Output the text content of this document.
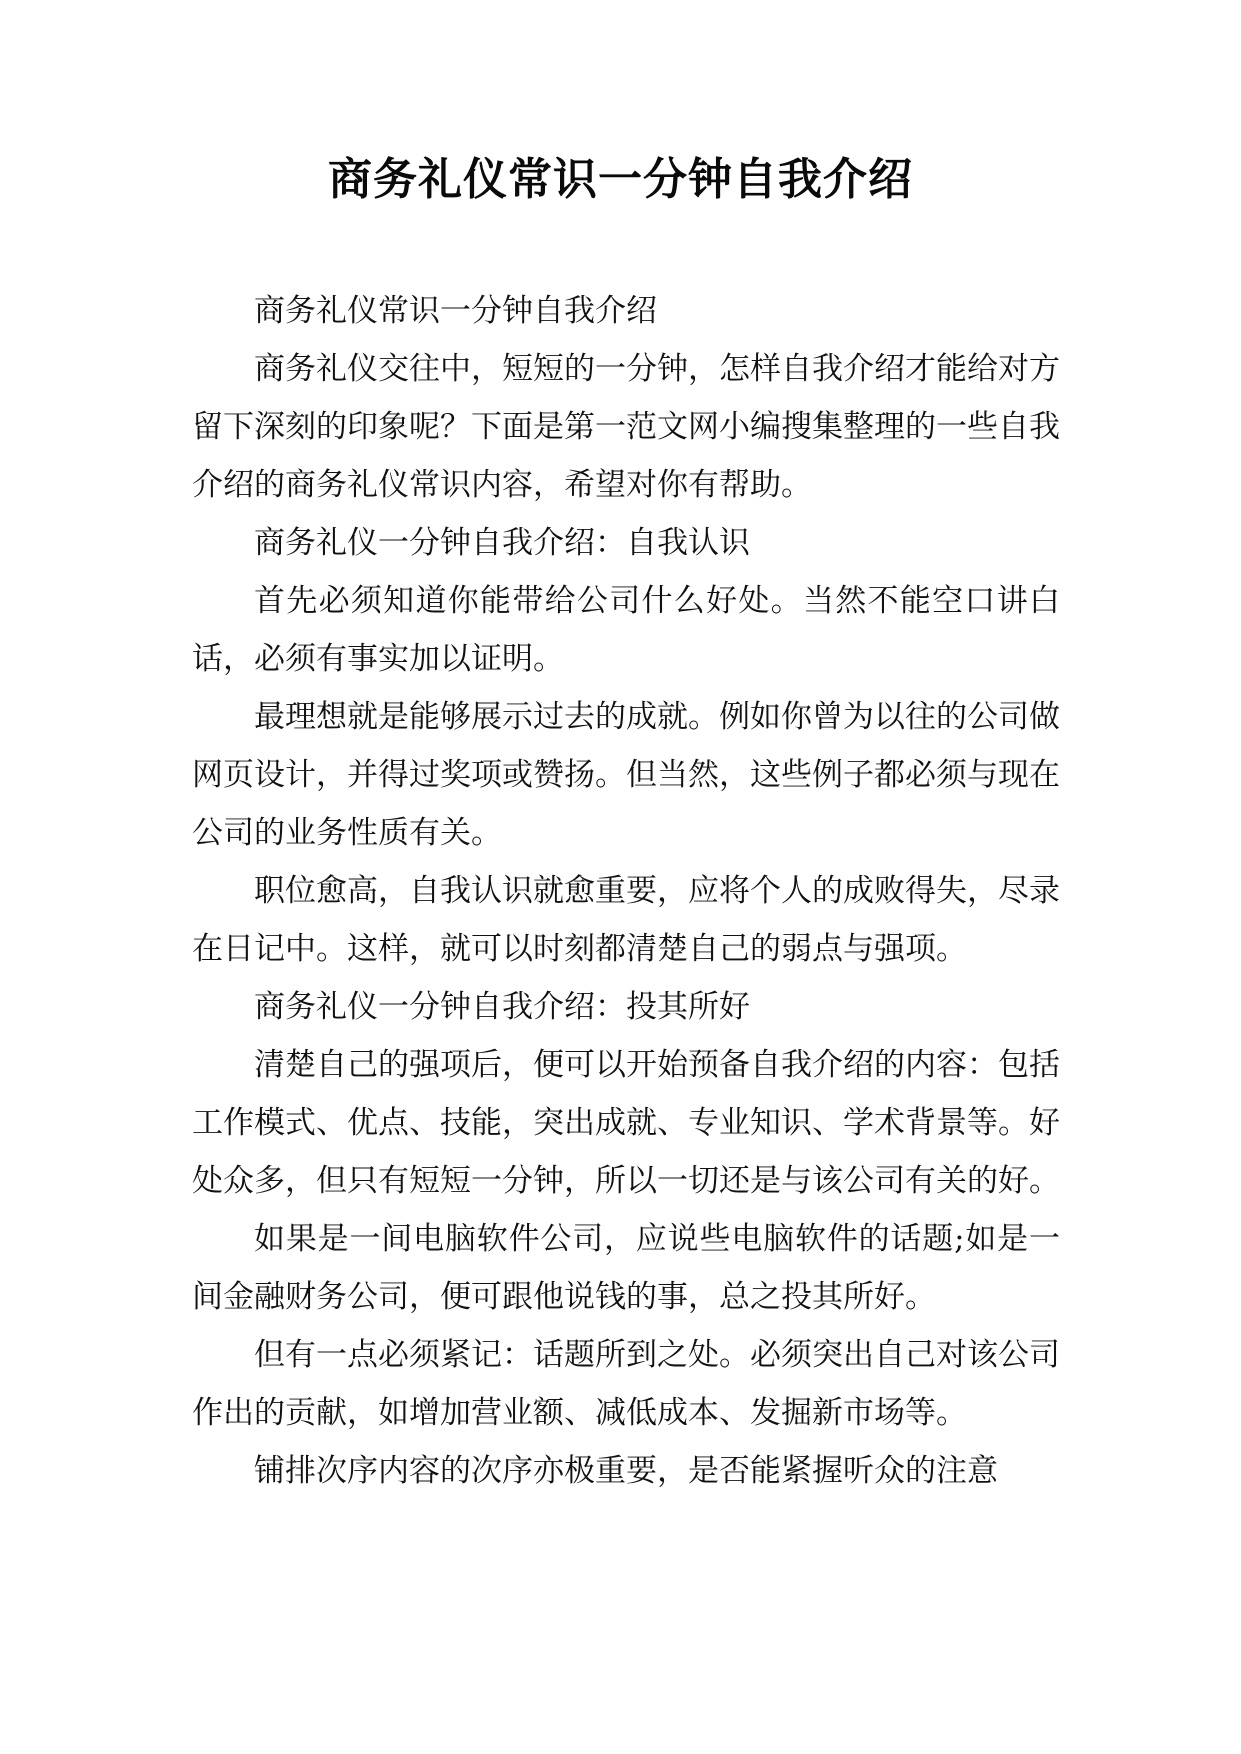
商务礼仪常识一分钟自我介绍

商务礼仪常识一分钟自我介绍

商务礼仪交往中，短短的一分钟，怎样自我介绍才能给对方留下深刻的印象呢？下面是第一范文网小编搜集整理的一些自我介绍的商务礼仪常识内容，希望对你有帮助。

商务礼仪一分钟自我介绍：自我认识

首先必须知道你能带给公司什么好处。当然不能空口讲白话，必须有事实加以证明。

最理想就是能够展示过去的成就。例如你曾为以往的公司做网页设计，并得过奖项或赞扬。但当然，这些例子都必须与现在公司的业务性质有关。

职位愈高，自我认识就愈重要，应将个人的成败得失，尽录在日记中。这样，就可以时刻都清楚自己的弱点与强项。

商务礼仪一分钟自我介绍：投其所好

清楚自己的强项后，便可以开始预备自我介绍的内容：包括工作模式、优点、技能，突出成就、专业知识、学术背景等。好处众多，但只有短短一分钟，所以一切还是与该公司有关的好。

如果是一间电脑软件公司，应说些电脑软件的话题;如是一间金融财务公司，便可跟他说钱的事，总之投其所好。

但有一点必须紧记：话题所到之处。必须突出自己对该公司作出的贡献，如增加营业额、减低成本、发掘新市场等。

铺排次序内容的次序亦极重要，是否能紧握听众的注意
